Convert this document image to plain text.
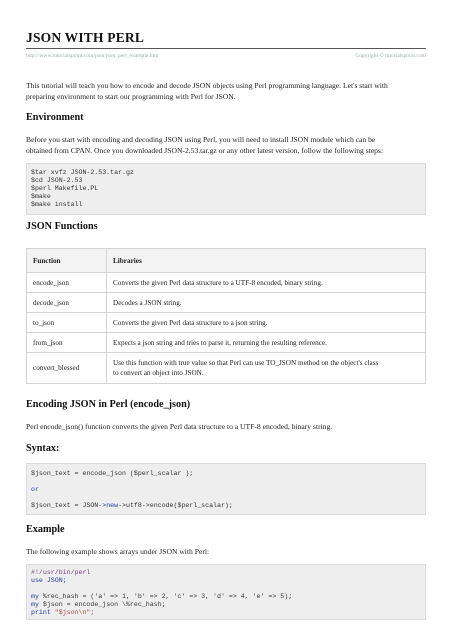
JSON WITH PERL
http://www.tutorialspoint.com/json/json_perl_example.htm	Copyright © tutorialspoint.com
This tutorial will teach you how to encode and decode JSON objects using Perl programming language. Let's start with
preparing environment to start our programming with Perl for JSON.
Environment
Before you start with encoding and decoding JSON using Perl, you will need to install JSON module which can be
obtained from CPAN. Once you downloaded JSON-2.53.tar.gz or any other latest version, follow the following steps:
$tar xvfz JSON-2.53.tar.gz
$cd JSON-2.53
$perl Makefile.PL
$make
$make install
JSON Functions
Function	Libraries
encode_json	Converts the given Perl data structure to a UTF-8 encoded, binary string.
decode_json	Decodes a JSON string.
to_json	Converts the given Perl data structure to a json string.
from_json	Expects a json string and tries to parse it, returning the resulting reference.
convert_blessed	Use this function with true value so that Perl can use TO_JSON method on the object's class
to convert an object into JSON.
Encoding JSON in Perl (encode_json)
Perl encode_json() function converts the given Perl data structure to a UTF-8 encoded, binary string.
Syntax:
$json_text = encode_json ($perl_scalar );
or
$json_text = JSON->new->utf8->encode($perl_scalar);
Example
The following example shows arrays under JSON with Perl:
#!/usr/bin/perl
use JSON;
my %rec_hash = ('a' => 1, 'b' => 2, 'c' => 3, 'd' => 4, 'e' => 5);
my $json = encode_json \%rec_hash;
print "$json\n";
